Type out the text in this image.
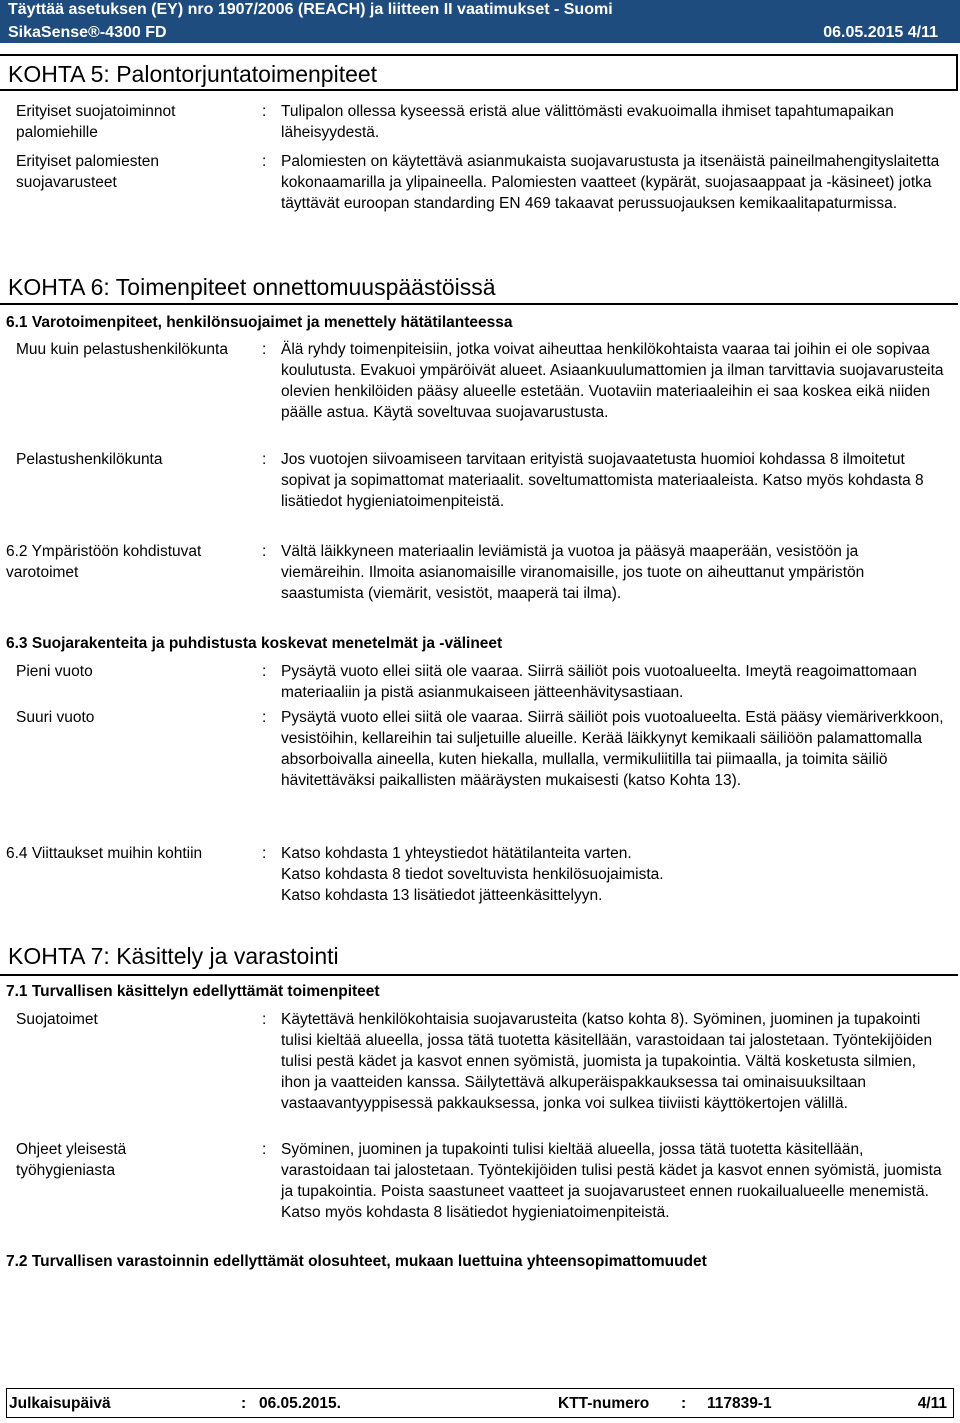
Täyttää asetuksen (EY) nro 1907/2006 (REACH) ja liitteen II vaatimukset - Suomi
SikaSense®-4300 FD	06.05.2015 4/11
KOHTA 5: Palontorjuntatoimenpiteet
Erityiset suojatoiminnot palomiehille
: Tulipalon ollessa kyseessä eristä alue välittömästi evakuoimalla ihmiset tapahtumapaikan läheisyydestä.
Erityiset palomiesten suojavarusteet
: Palomiesten on käytettävä asianmukaista suojavarustusta ja itsenäistä paineilmahengityslaitetta kokonaamarilla ja ylipaineella. Palomiesten vaatteet (kypärät, suojasaappaat ja -käsineet) jotka täyttävät euroopan standarding EN 469 takaavat perussuojauksen kemikaalitapaturmissa.
KOHTA 6: Toimenpiteet onnettomuuspäästöissä
6.1 Varotoimenpiteet, henkilönsuojaimet ja menettely hätätilanteessa
Muu kuin pelastushenkilökunta	: Älä ryhdy toimenpiteisiin, jotka voivat aiheuttaa henkilökohtaista vaaraa tai joihin ei ole sopivaa koulutusta. Evakuoi ympäröivät alueet. Asiaankuulumattomien ja ilman tarvittavia suojavarusteita olevien henkilöiden pääsy alueelle estetään. Vuotaviin materiaaleihin ei saa koskea eikä niiden päälle astua. Käytä soveltuvaa suojavarustusta.
Pelastushenkilökunta	: Jos vuotojen siivoamiseen tarvitaan erityistä suojavaatetusta huomioi kohdassa 8 ilmoitetut sopivat ja sopimattomat materiaalit. soveltumattomista materiaaleista. Katso myös kohdasta 8 lisätiedot hygieniatoimenpiteistä.
6.2 Ympäristöön kohdistuvat varotoimet
: Vältä läikkyneen materiaalin leviämistä ja vuotoa ja pääsyä maaperään, vesistöön ja viemäreihin. Ilmoita asianomaisille viranomaisille, jos tuote on aiheuttanut ympäristön saastumista (viemärit, vesistöt, maaperä tai ilma).
6.3 Suojarakenteita ja puhdistusta koskevat menetelmät ja -välineet
Pieni vuoto	: Pysäytä vuoto ellei siitä ole vaaraa. Siirrä säiliöt pois vuotoalueelta. Imeytä reagoimattomaan materiaaliin ja pistä asianmukaiseen jätteenhävitysastiaan.
Suuri vuoto	: Pysäytä vuoto ellei siitä ole vaaraa. Siirrä säiliöt pois vuotoalueelta. Estä pääsy viemäriverkkoon, vesistöihin, kellareihin tai suljetuille alueille. Kerää läikkynyt kemikaali säiliöön palamattomalla absorboivalla aineella, kuten hiekalla, mullalla, vermikuliitilla tai piimaalla, ja toimita säiliö hävitettäväksi paikallisten määräysten mukaisesti (katso Kohta 13).
6.4 Viittaukset muihin kohtiin	: Katso kohdasta 1 yhteystiedot hätätilanteita varten.

Katso kohdasta 8 tiedot soveltuvista henkilösuojaimista.

Katso kohdasta 13 lisätiedot jätteenkäsittelyyn.

KOHTA 7: Käsittely ja varastointi
7.1 Turvallisen käsittelyn edellyttämät toimenpiteet
Suojatoimet	: Käytettävä henkilökohtaisia suojavarusteita (katso kohta 8). Syöminen, juominen ja tupakointi tulisi kieltää alueella, jossa tätä tuotetta käsitellään, varastoidaan tai jalostetaan. Työntekijöiden tulisi pestä kädet ja kasvot ennen syömistä, juomista ja tupakointia. Vältä kosketusta silmien, ihon ja vaatteiden kanssa. Säilytettävä alkuperäispakkauksessa tai ominaisuuksiltaan vastaavantyyppisessä pakkauksessa, jonka voi sulkea tiiviisti käyttökertojen välillä.
Ohjeet yleisestä työhygieniasta
: Syöminen, juominen ja tupakointi tulisi kieltää alueella, jossa tätä tuotetta käsitellään, varastoidaan tai jalostetaan. Työntekijöiden tulisi pestä kädet ja kasvot ennen syömistä, juomista ja tupakointia. Poista saastuneet vaatteet ja suojavarusteet ennen ruokailualueelle menemistä. Katso myös kohdasta 8 lisätiedot hygieniatoimenpiteistä.
7.2 Turvallisen varastoinnin edellyttämät olosuhteet, mukaan luettuina yhteensopimattomuudet
Julkaisupäivä	: 06.05.2015.	KTT-numero : 117839-1	4/11
